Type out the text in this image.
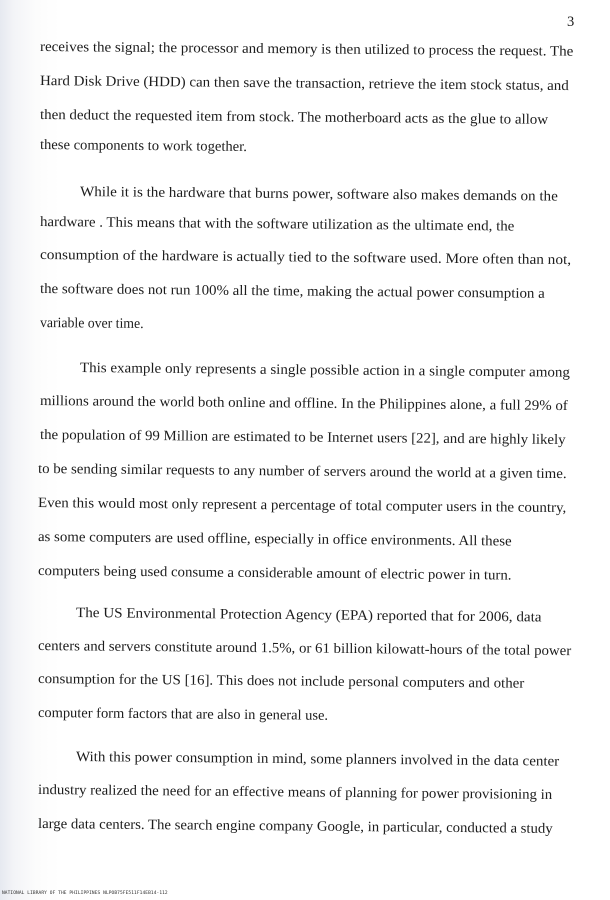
3
receives the signal; the processor and memory is then utilized to process the request. The
Hard Disk Drive (HDD) can then save the transaction, retrieve the item stock status, and
then deduct the requested item from stock. The motherboard acts as the glue to allow
these components to work together.
While it is the hardware that burns power, software also makes demands on the
hardware . This means that with the software utilization as the ultimate end, the
consumption of the hardware is actually tied to the software used. More often than not,
the software does not run 100% all the time, making the actual power consumption a
variable over time.
This example only represents a single possible action in a single computer among
millions around the world both online and offline. In the Philippines alone, a full 29% of
the population of 99 Million are estimated to be Internet users [22], and are highly likely
to be sending similar requests to any number of servers around the world at a given time.
Even this would most only represent a percentage of total computer users in the country,
as some computers are used offline, especially in office environments. All these
computers being used consume a considerable amount of electric power in turn.
The US Environmental Protection Agency (EPA) reported that for 2006, data
centers and servers constitute around 1.5%, or 61 billion kilowatt-hours of the total power
consumption for the US [16]. This does not include personal computers and other
computer form factors that are also in general use.
With this power consumption in mind, some planners involved in the data center
industry realized the need for an effective means of planning for power provisioning in
large data centers. The search engine company Google, in particular, conducted a study
NATIONAL LIBRARY OF THE PHILIPPINES NLPOB75FE511F14EB14-112
